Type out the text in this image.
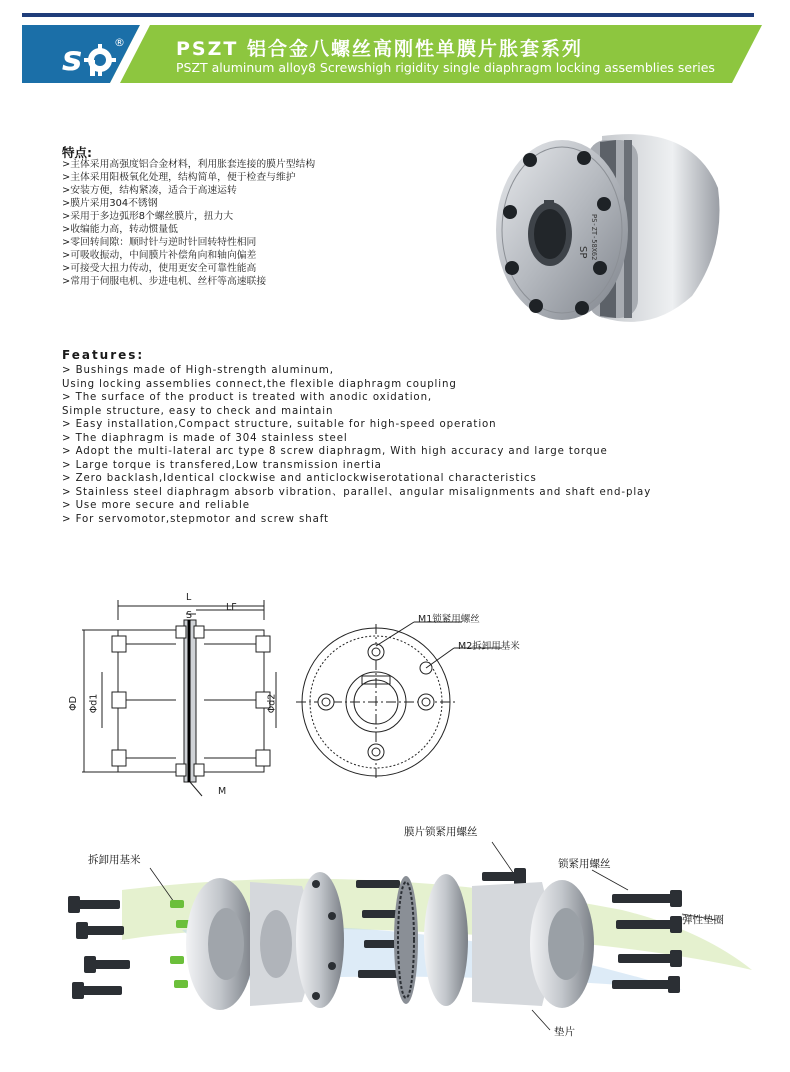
s	®	PSZT 铝合金八螺丝高刚性单膜片胀套系列
PSZT aluminum alloy8 Screwshigh rigidity single diaphragm locking assemblies series
特点:
>主体采用高强度铝合金材料，利用胀套连接的膜片型结构
>主体采用阳极氧化处理，结构简单，便于检查与维护
>安装方便，结构紧凑，适合于高速运转
>膜片采用304不锈钢
>采用于多边弧形8个螺丝膜片，扭力大
>收编能力高，转动惯量低
>零回转间隙：顺时针与逆时针回转特性相同
>可吸收振动，中间膜片补偿角向和轴向偏差
>可接受大扭力传动，使用更安全可靠性能高
>常用于伺服电机、步进电机、丝杆等高速联接
SP PS-ZT-58X62
Features:
> Bushings made of High-strength aluminum,
Using locking assemblies connect,the flexible diaphragm coupling
> The surface of the product is treated with anodic oxidation,
Simple structure, easy to check and maintain
> Easy installation,Compact structure, suitable for high-speed operation
> The diaphragm is made of 304 stainless steel
> Adopt the multi-lateral arc type 8 screw diaphragm, With high accuracy and large torque
> Large torque is transfered,Low transmission inertia
> Zero backlash,Identical clockwise and anticlockwiserotational characteristics
> Stainless steel diaphragm absorb vibration、parallel、angular misalignments and shaft end-play
> Use more secure and reliable
> For servomotor,stepmotor and screw shaft
L
S
LF
ΦD Φd1	Φd2
M
M1锁紧用螺丝
M2拆卸用基米
拆卸用基米
膜片锁紧用螺丝
锁紧用螺丝
弹性垫圈
垫片
